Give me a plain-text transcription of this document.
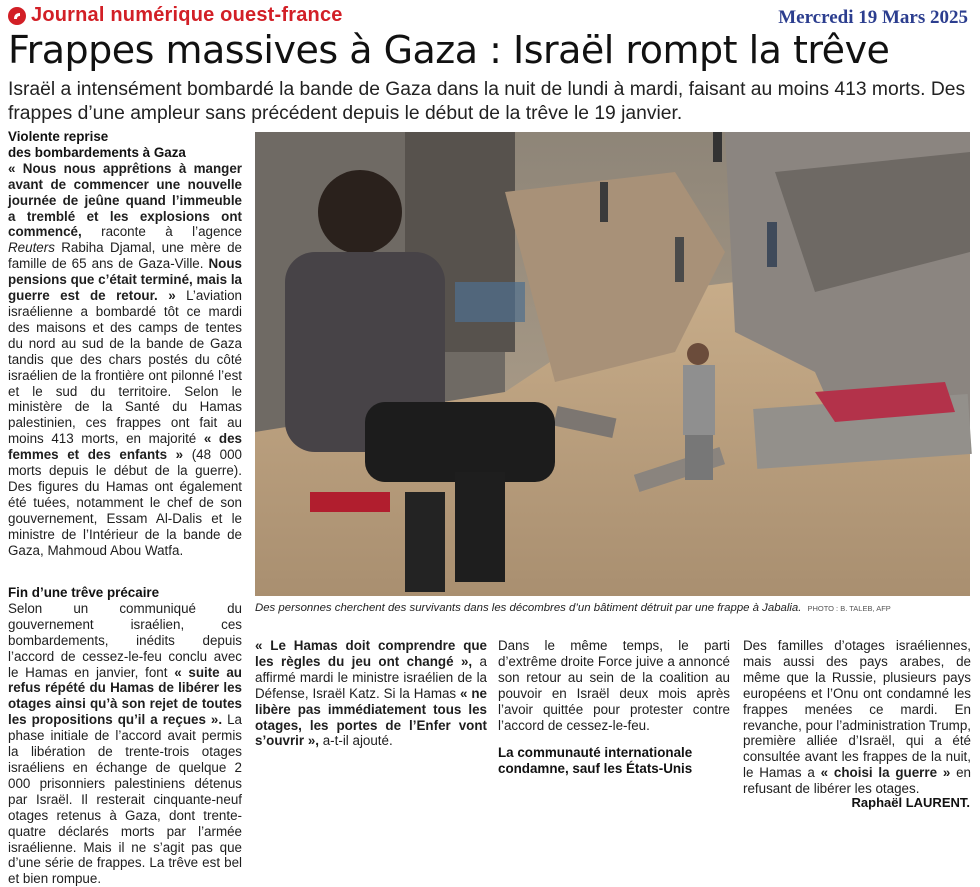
Journal numérique ouest-france	Mercredi 19 Mars 2025
Frappes massives à Gaza : Israël rompt la trêve
Israël a intensément bombardé la bande de Gaza dans la nuit de lundi à mardi, faisant au moins 413 morts. Des frappes d’une ampleur sans précédent depuis le début de la trêve le 19 janvier.

Violente reprise
des bombardements à Gaza

« Nous nous apprêtions à manger avant de commencer une nouvelle journée de jeûne quand l’immeuble a tremblé et les explosions ont commencé, raconte à l’agence Reuters Rabiha Djamal, une mère de famille de 65 ans de Gaza-Ville. Nous pensions que c’était terminé, mais la guerre est de retour. » L’aviation israélienne a bombardé tôt ce mardi des maisons et des camps de tentes du nord au sud de la bande de Gaza tandis que des chars postés du côté israélien de la frontière ont pilonné l’est et le sud du territoire. Selon le ministère de la Santé du Hamas palestinien, ces frappes ont fait au moins 413 morts, en majorité « des femmes et des enfants » (48 000 morts depuis le début de la guerre). Des figures du Hamas ont également été tuées, notamment le chef de son gouvernement, Essam Al-Dalis et le ministre de l’Intérieur de la bande de Gaza, Mahmoud Abou Watfa.

Fin d’une trêve précaire

Selon un communiqué du gouvernement israélien, ces bombardements, inédits depuis l’accord de cessez-le-feu conclu avec le Hamas en janvier, font « suite au refus répété du Hamas de libérer les otages ainsi qu’à son rejet de toutes les propositions qu’il a reçues ». La phase initiale de l’accord avait permis la libération de trente-trois otages israéliens en échange de quelque 2 000 prisonniers palestiniens détenus par Israël. Il resterait cinquante-neuf otages retenus à Gaza, dont trente-quatre déclarés morts par l’armée israélienne. Mais il ne s’agit pas que d’une série de frappes. La trêve est bel et bien rompue.

« Le Hamas doit comprendre que les règles du jeu ont changé », a affirmé mardi le ministre israélien de la Défense, Israël Katz. Si la Hamas « ne libère pas immédiatement tous les otages, les portes de l’Enfer vont s’ouvrir », a-t-il ajouté.

Dans le même temps, le parti d’extrême droite Force juive a annoncé son retour au sein de la coalition au pouvoir en Israël deux mois après l’avoir quittée pour protester contre l’accord de cessez-le-feu.

La communauté internationale
condamne, sauf les États-Unis

Des familles d’otages israéliennes, mais aussi des pays arabes, de même que la Russie, plusieurs pays européens et l’Onu ont condamné les frappes menées ce mardi. En revanche, pour l’administration Trump, première alliée d’Israël, qui a été consultée avant les frappes de la nuit, le Hamas a « choisi la guerre » en refusant de libérer les otages.

Des personnes cherchent des survivants dans les décombres d’un bâtiment détruit par une frappe à Jabalia. PHOTO : B. TALEB, AFP
Raphaël LAURENT.
